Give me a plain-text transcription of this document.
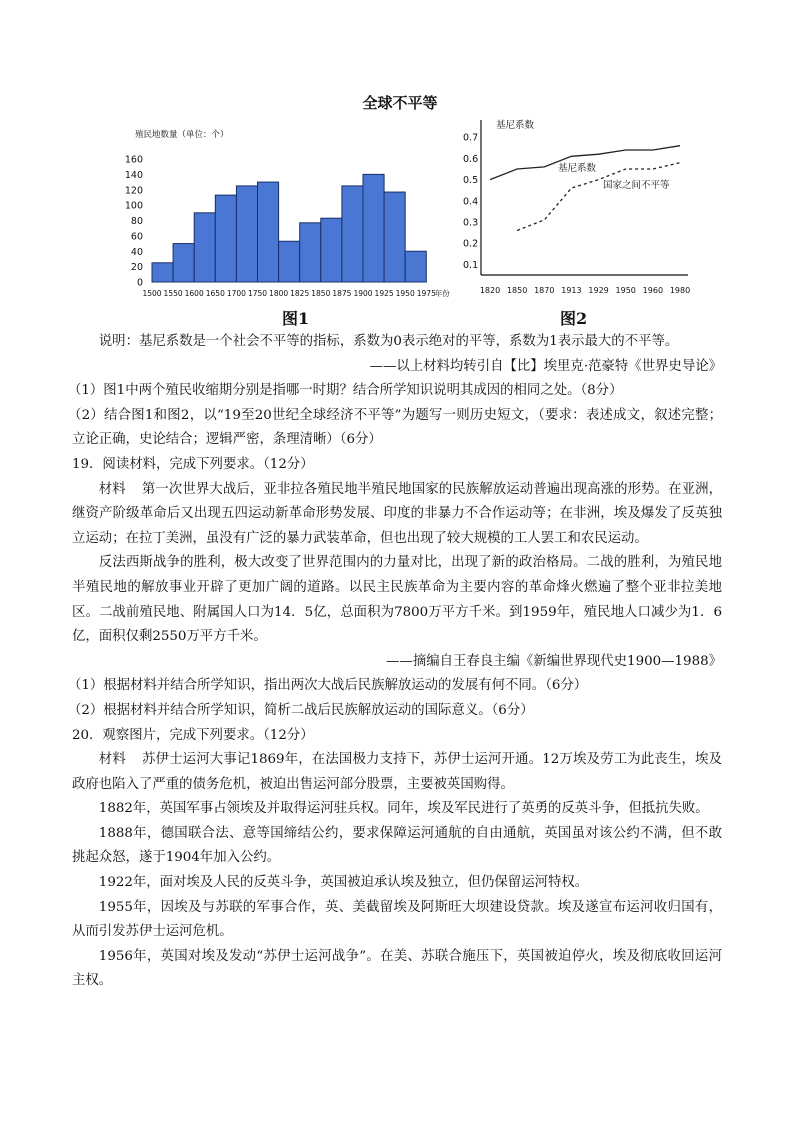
全球不平等
殖民地数量（单位：个）
0
20
40
60
80
100
120
140
160
1500 1550 1600 1650 1700 1750 1800 1825 1850 1875 1900 1925 1950 1975
年份
基尼系数
0.1
0.2
0.3
0.4
0.5
0.6
0.7
1820 1850 1870 1913 1929 1950 1960 1980
基尼系数
国家之间不平等
图1	图2

说明：基尼系数是一个社会不平等的指标，系数为0表示绝对的平等，系数为1表示最大的不平等。

——以上材料均转引自【比】埃里克·范豪特《世界史导论》

（1）图1中两个殖民收缩期分别是指哪一时期？结合所学知识说明其成因的相同之处。（8分）

（2）结合图1和图2，以“19至20世纪全球经济不平等”为题写一则历史短文，（要求：表述成文，叙述完整；立论正确，史论结合；逻辑严密，条理清晰）（6分）

19．阅读材料，完成下列要求。（12分）

材料 第一次世界大战后，亚非拉各殖民地半殖民地国家的民族解放运动普遍出现高涨的形势。在亚洲，继资产阶级革命后又出现五四运动新革命形势发展、印度的非暴力不合作运动等；在非洲，埃及爆发了反英独立运动；在拉丁美洲，虽没有广泛的暴力武装革命，但也出现了较大规模的工人罢工和农民运动。

反法西斯战争的胜利，极大改变了世界范围内的力量对比，出现了新的政治格局。二战的胜利，为殖民地半殖民地的解放事业开辟了更加广阔的道路。以民主民族革命为主要内容的革命烽火燃遍了整个亚非拉美地区。二战前殖民地、附属国人口为14．5亿，总面积为7800万平方千米。到1959年，殖民地人口减少为1．6亿，面积仅剩2550万平方千米。

——摘编自王春良主编《新编世界现代史1900—1988》

（1）根据材料并结合所学知识，指出两次大战后民族解放运动的发展有何不同。（6分）

（2）根据材料并结合所学知识，简析二战后民族解放运动的国际意义。（6分）

20．观察图片，完成下列要求。（12分）

材料 苏伊士运河大事记1869年，在法国极力支持下，苏伊士运河开通。12万埃及劳工为此丧生，埃及政府也陷入了严重的债务危机，被迫出售运河部分股票，主要被英国购得。

1882年，英国军事占领埃及并取得运河驻兵权。同年，埃及军民进行了英勇的反英斗争，但抵抗失败。

1888年，德国联合法、意等国缔结公约，要求保障运河通航的自由通航，英国虽对该公约不满，但不敢挑起众怒，遂于1904年加入公约。

1922年，面对埃及人民的反英斗争，英国被迫承认埃及独立，但仍保留运河特权。

1955年，因埃及与苏联的军事合作，英、美截留埃及阿斯旺大坝建设贷款。埃及遂宣布运河收归国有，从而引发苏伊士运河危机。

1956年，英国对埃及发动“苏伊士运河战争”。在美、苏联合施压下，英国被迫停火，埃及彻底收回运河主权。
